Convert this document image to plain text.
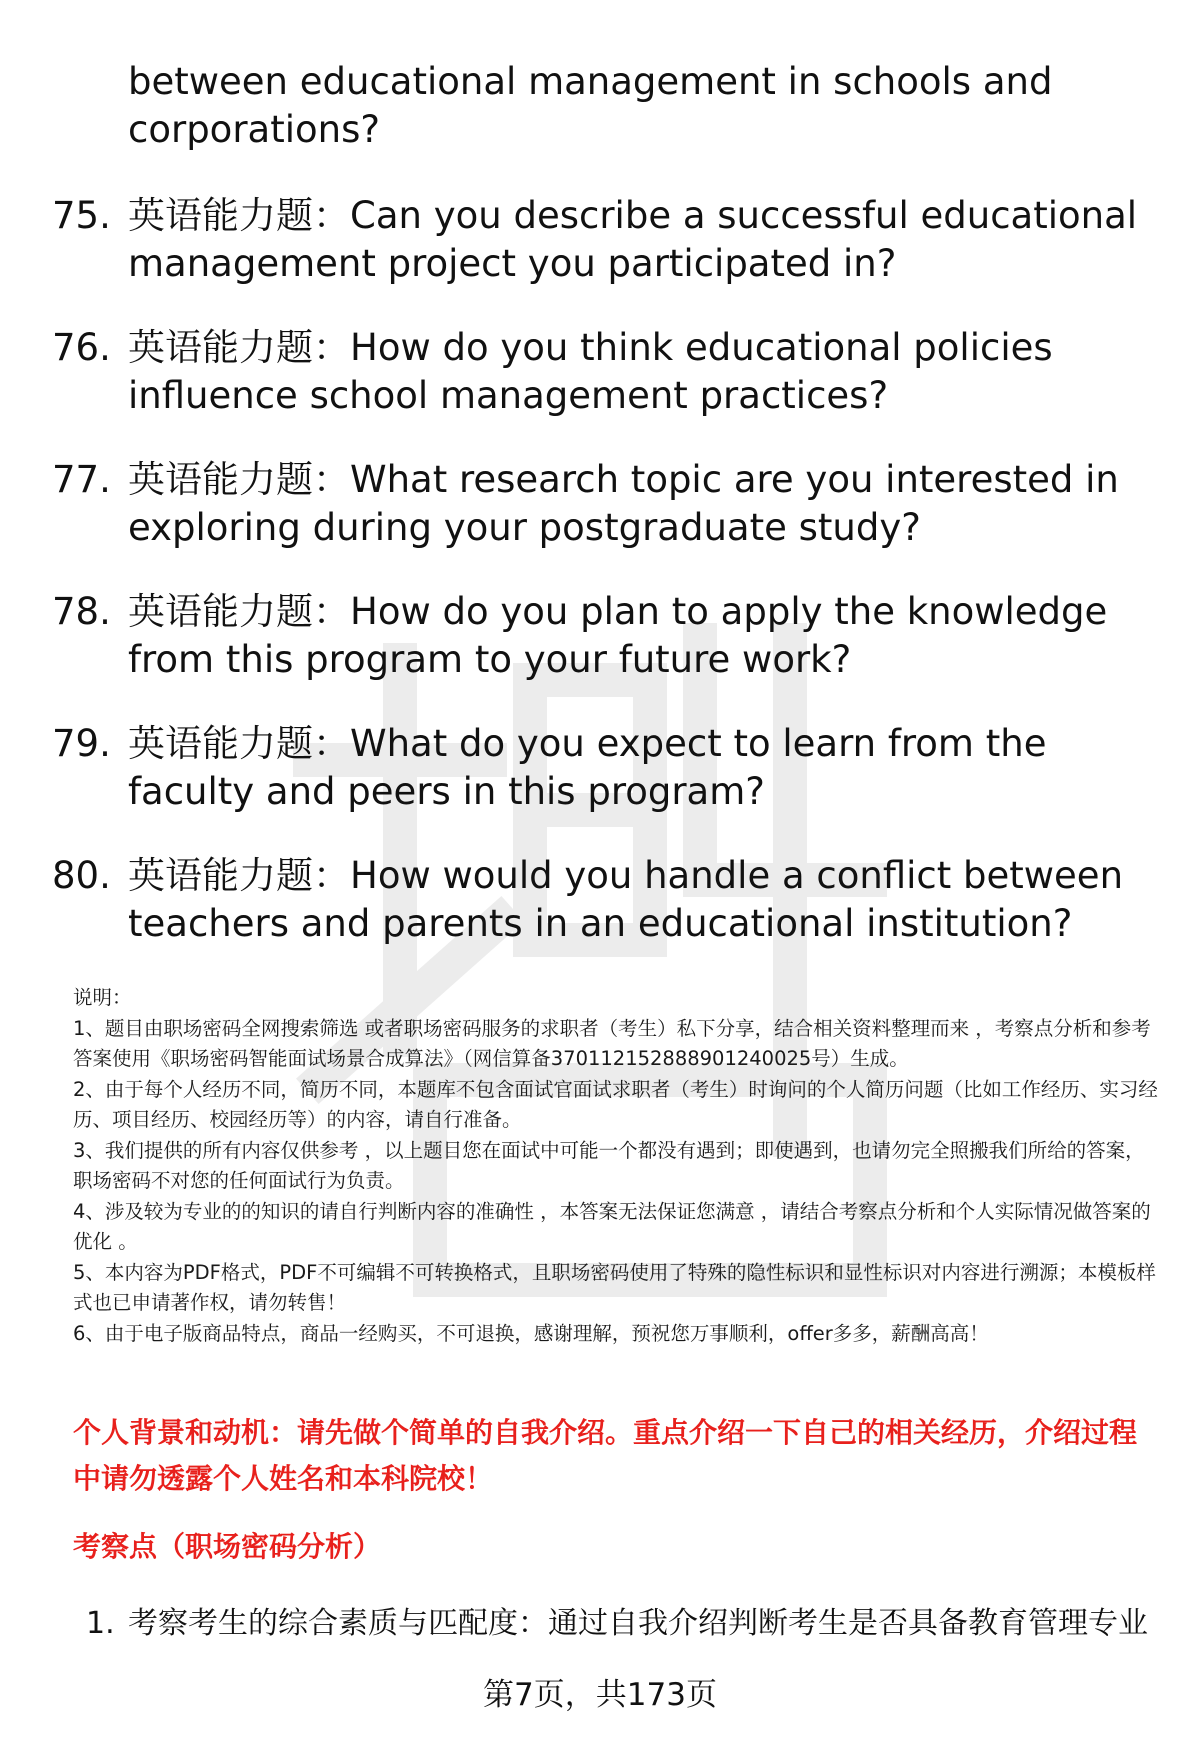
between educational management in schools and corporations?
75. 英语能力题：Can you describe a successful educational management project you participated in?
76. 英语能力题：How do you think educational policies influence school management practices?
77. 英语能力题：What research topic are you interested in exploring during your postgraduate study?
78. 英语能力题：How do you plan to apply the knowledge from this program to your future work?
79. 英语能力题：What do you expect to learn from the faculty and peers in this program?
80. 英语能力题：How would you handle a conflict between teachers and parents in an educational institution?

说明：

1、题目由职场密码全网搜索筛选 或者职场密码服务的求职者（考生）私下分享，结合相关资料整理而来 ，考察点分析和参考答案使用《职场密码智能面试场景合成算法》（网信算备370112152888901240025号）生成。

2、由于每个人经历不同，简历不同，本题库不包含面试官面试求职者（考生）时询问的个人简历问题（比如工作经历、实习经历、项目经历、校园经历等）的内容，请自行准备。

3、我们提供的所有内容仅供参考 ，以上题目您在面试中可能一个都没有遇到；即使遇到，也请勿完全照搬我们所给的答案，职场密码不对您的任何面试行为负责。

4、涉及较为专业的的知识的请自行判断内容的准确性 ，本答案无法保证您满意 ，请结合考察点分析和个人实际情况做答案的优化 。

5、本内容为PDF格式，PDF不可编辑不可转换格式，且职场密码使用了特殊的隐性标识和显性标识对内容进行溯源；本模板样式也已申请著作权，请勿转售！

6、由于电子版商品特点，商品一经购买，不可退换，感谢理解，预祝您万事顺利，offer多多，薪酬高高！

个人背景和动机：请先做个简单的自我介绍。重点介绍一下自己的相关经历，介绍过程中请勿透露个人姓名和本科院校！
考察点（职场密码分析）
1. 考察考生的综合素质与匹配度：通过自我介绍判断考生是否具备教育管理专业
第7页，共173页
